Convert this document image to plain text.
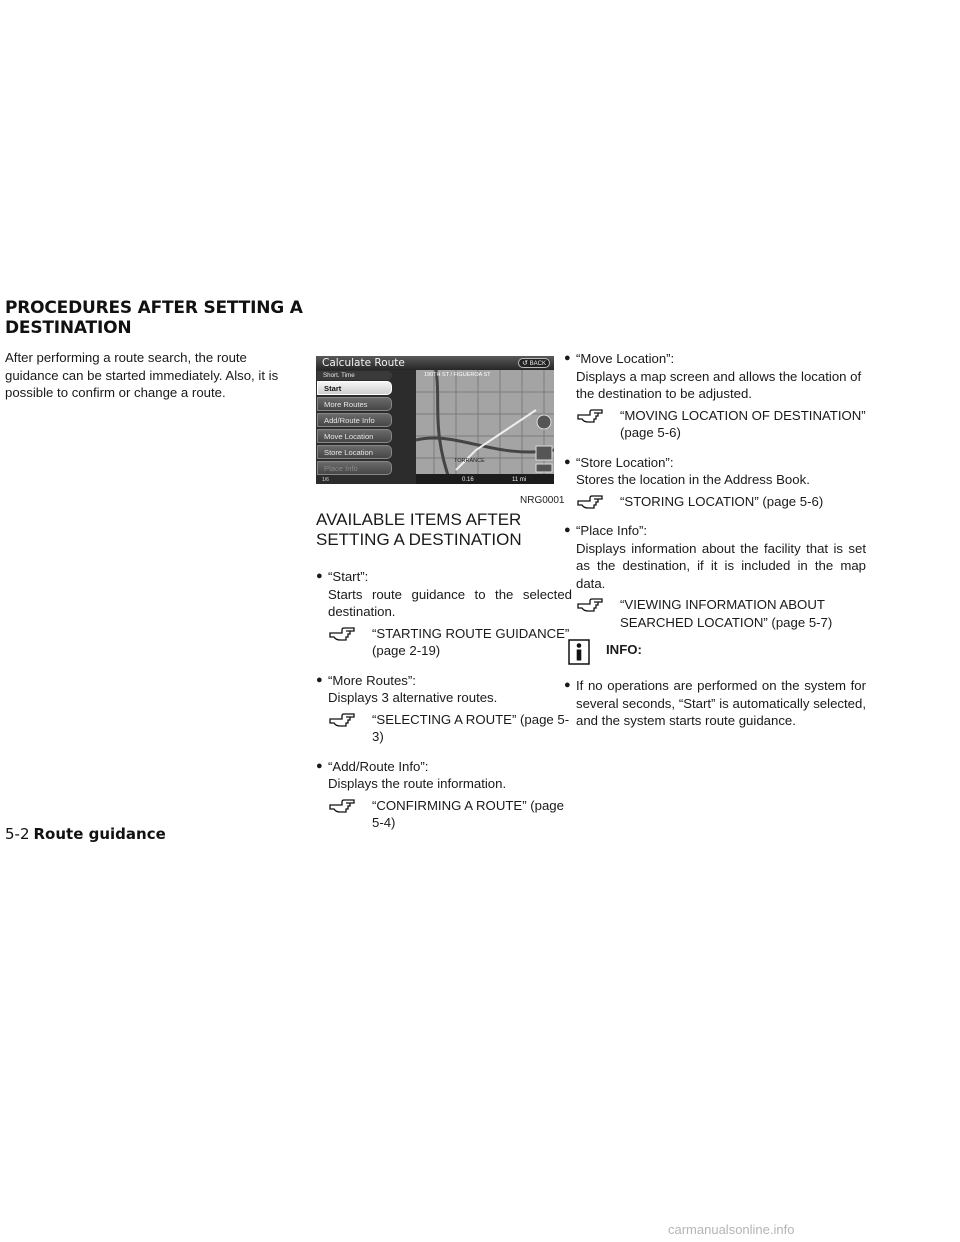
PROCEDURES AFTER SETTING A DESTINATION
After performing a route search, the route guidance can be started immediately. Also, it is possible to confirm or change a route.
Calculate Route	↺ BACK
190TH ST / FIGUEROA ST
TORRANCE
0.16	11 mi
Short. Time
Start
More Routes
Add/Route Info
Move Location
Store Location
Place Info
1/6
NRG0001
AVAILABLE ITEMS AFTER SETTING A DESTINATION
● “Start”:
Starts route guidance to the selected destination.
“STARTING ROUTE GUIDANCE” (page 2-19)
● “More Routes”:
Displays 3 alternative routes.
“SELECTING A ROUTE” (page 5-3)
● “Add/Route Info”:
Displays the route information.
“CONFIRMING A ROUTE” (page 5-4)
● “Move Location”:
Displays a map screen and allows the location of the destination to be adjusted.
“MOVING LOCATION OF DESTINATION” (page 5-6)
● “Store Location”:
Stores the location in the Address Book.
“STORING LOCATION” (page 5-6)
● “Place Info”:
Displays information about the facility that is set as the destination, if it is included in the map data.
“VIEWING INFORMATION ABOUT SEARCHED LOCATION” (page 5-7)
INFO:
● If no operations are performed on the system for several seconds, “Start” is automatically selected, and the system starts route guidance.
5-2 Route guidance
carmanualsonline.info
